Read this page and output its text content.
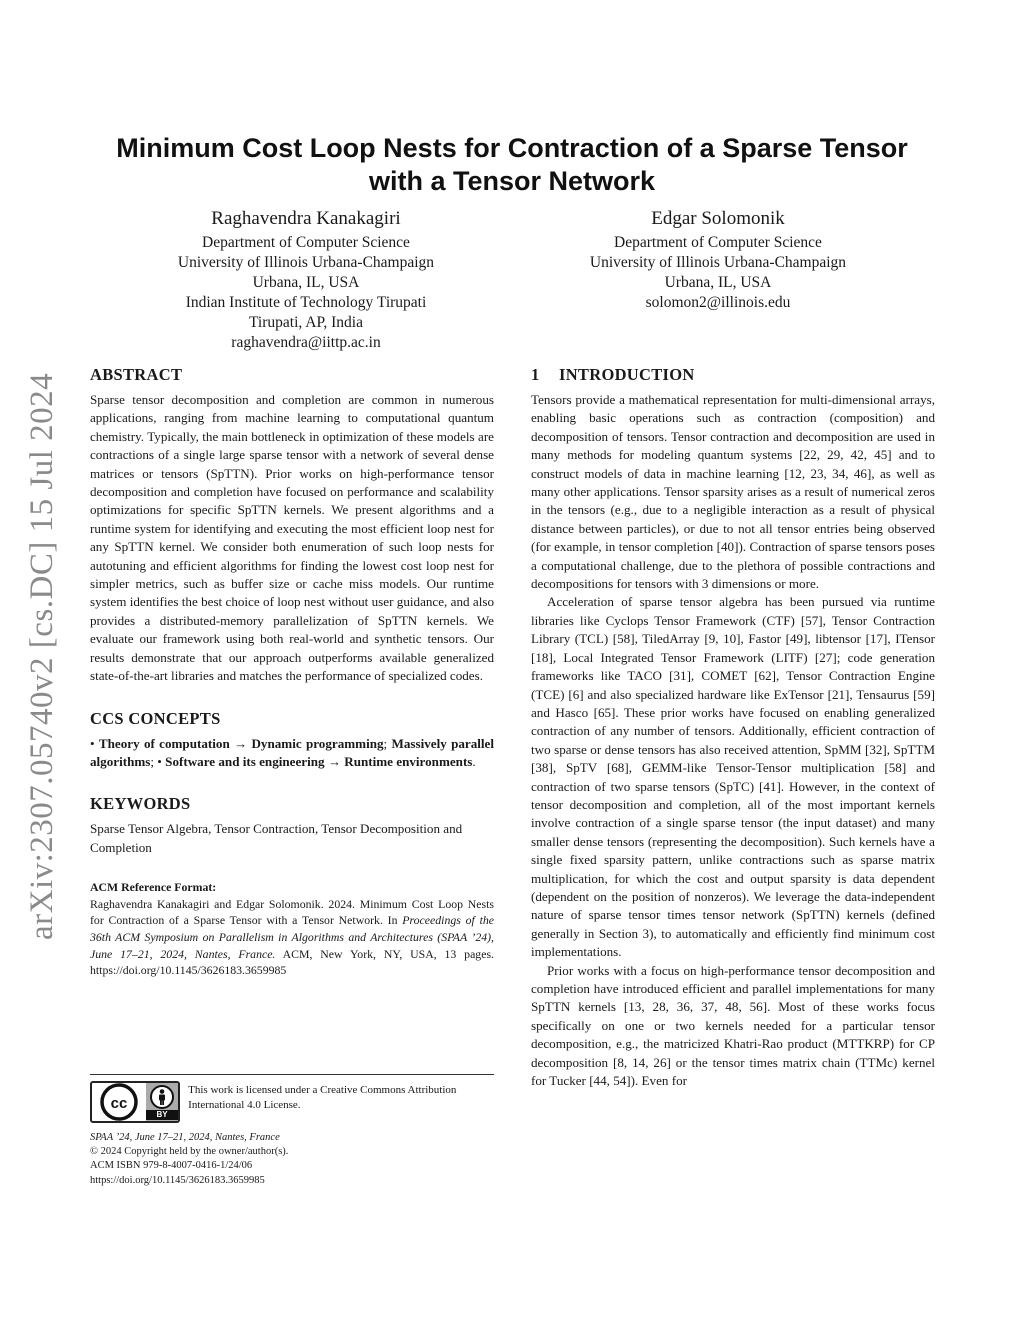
arXiv:2307.05740v2 [cs.DC] 15 Jul 2024
Minimum Cost Loop Nests for Contraction of a Sparse Tensor
with a Tensor Network
Raghavendra Kanakagiri
Department of Computer Science
University of Illinois Urbana-Champaign
Urbana, IL, USA
Indian Institute of Technology Tirupati
Tirupati, AP, India
raghavendra@iittp.ac.in
Edgar Solomonik
Department of Computer Science
University of Illinois Urbana-Champaign
Urbana, IL, USA
solomon2@illinois.edu
ABSTRACT

Sparse tensor decomposition and completion are common in numerous applications, ranging from machine learning to computational quantum chemistry. Typically, the main bottleneck in optimization of these models are contractions of a single large sparse tensor with a network of several dense matrices or tensors (SpTTN). Prior works on high-performance tensor decomposition and completion have focused on performance and scalability optimizations for specific SpTTN kernels. We present algorithms and a runtime system for identifying and executing the most efficient loop nest for any SpTTN kernel. We consider both enumeration of such loop nests for autotuning and efficient algorithms for finding the lowest cost loop nest for simpler metrics, such as buffer size or cache miss models. Our runtime system identifies the best choice of loop nest without user guidance, and also provides a distributed-memory parallelization of SpTTN kernels. We evaluate our framework using both real-world and synthetic tensors. Our results demonstrate that our approach outperforms available generalized state-of-the-art libraries and matches the performance of specialized codes.

CCS CONCEPTS

• Theory of computation → Dynamic programming; Massively parallel algorithms; • Software and its engineering → Runtime environments.

KEYWORDS

Sparse Tensor Algebra, Tensor Contraction, Tensor Decomposition and Completion

ACM Reference Format:
Raghavendra Kanakagiri and Edgar Solomonik. 2024. Minimum Cost Loop Nests for Contraction of a Sparse Tensor with a Tensor Network. In Proceedings of the 36th ACM Symposium on Parallelism in Algorithms and Architectures (SPAA ’24), June 17–21, 2024, Nantes, France. ACM, New York, NY, USA, 13 pages. https://doi.org/10.1145/3626183.3659985
cc
BY
This work is licensed under a Creative Commons Attribution International 4.0 License.
SPAA ’24, June 17–21, 2024, Nantes, France
© 2024 Copyright held by the owner/author(s).
ACM ISBN 979-8-4007-0416-1/24/06
https://doi.org/10.1145/3626183.3659985
1 INTRODUCTION

Tensors provide a mathematical representation for multi-dimensional arrays, enabling basic operations such as contraction (composition) and decomposition of tensors. Tensor contraction and decomposition are used in many methods for modeling quantum systems [22, 29, 42, 45] and to construct models of data in machine learning [12, 23, 34, 46], as well as many other applications. Tensor sparsity arises as a result of numerical zeros in the tensors (e.g., due to a negligible interaction as a result of physical distance between particles), or due to not all tensor entries being observed (for example, in tensor completion [40]). Contraction of sparse tensors poses a computational challenge, due to the plethora of possible contractions and decompositions for tensors with 3 dimensions or more.

Acceleration of sparse tensor algebra has been pursued via runtime libraries like Cyclops Tensor Framework (CTF) [57], Tensor Contraction Library (TCL) [58], TiledArray [9, 10], Fastor [49], libtensor [17], ITensor [18], Local Integrated Tensor Framework (LITF) [27]; code generation frameworks like TACO [31], COMET [62], Tensor Contraction Engine (TCE) [6] and also specialized hardware like ExTensor [21], Tensaurus [59] and Hasco [65]. These prior works have focused on enabling generalized contraction of any number of tensors. Additionally, efficient contraction of two sparse or dense tensors has also received attention, SpMM [32], SpTTM [38], SpTV [68], GEMM-like Tensor-Tensor multiplication [58] and contraction of two sparse tensors (SpTC) [41]. However, in the context of tensor decomposition and completion, all of the most important kernels involve contraction of a single sparse tensor (the input dataset) and many smaller dense tensors (representing the decomposition). Such kernels have a single fixed sparsity pattern, unlike contractions such as sparse matrix multiplication, for which the cost and output sparsity is data dependent (dependent on the position of nonzeros). We leverage the data-independent nature of sparse tensor times tensor network (SpTTN) kernels (defined generally in Section 3), to automatically and efficiently find minimum cost implementations.

Prior works with a focus on high-performance tensor decomposition and completion have introduced efficient and parallel implementations for many SpTTN kernels [13, 28, 36, 37, 48, 56]. Most of these works focus specifically on one or two kernels needed for a particular tensor decomposition, e.g., the matricized Khatri-Rao product (MTTKRP) for CP decomposition [8, 14, 26] or the tensor times matrix chain (TTMc) kernel for Tucker [44, 54]). Even for
